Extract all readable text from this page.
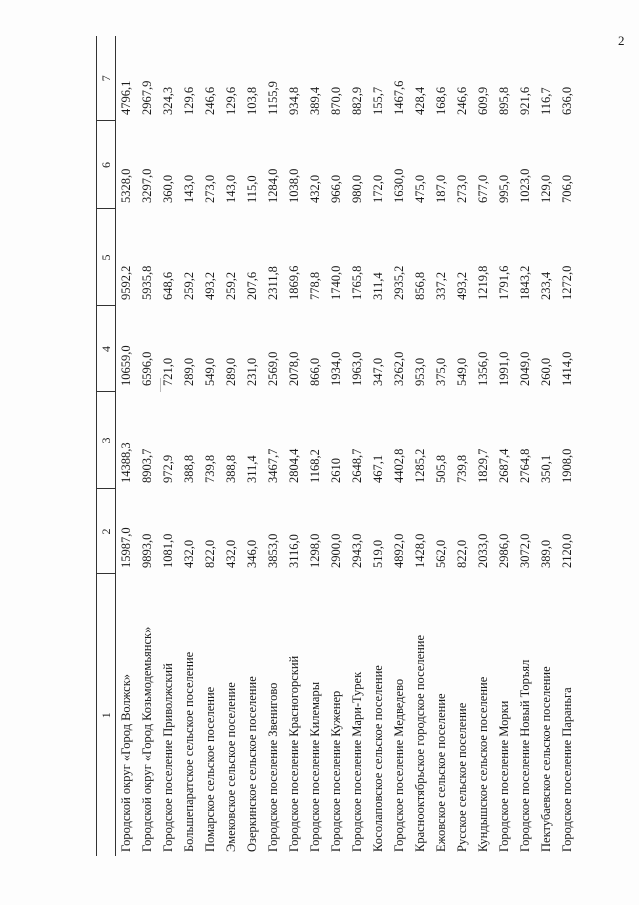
2
1	2	3	4	5	6	7
Городской округ «Город Волжск»	15987,0	14388,3	10659,0	9592,2	5328,0	4796,1
Городской округ «Город Козьмодемьянск»	9893,0	8903,7	6596,0	5935,8	3297,0	2967,9
Городское поселение Приволжский	1081,0	972,9	721,0	648,6	360,0	324,3
Большепаратское сельское поселение	432,0	388,8	289,0	259,2	143,0	129,6
Помарское сельское поселение	822,0	739,8	549,0	493,2	273,0	246,6
Эмековское сельское поселение	432,0	388,8	289,0	259,2	143,0	129,6
Озеркинское сельское поселение	346,0	311,4	231,0	207,6	115,0	103,8
Городское поселение Звенигово	3853,0	3467,7	2569,0	2311,8	1284,0	1155,9
Городское поселение Красногорский	3116,0	2804,4	2078,0	1869,6	1038,0	934,8
Городское поселение Килемары	1298,0	1168,2	866,0	778,8	432,0	389,4
Городское поселение Куженер	2900,0	2610	1934,0	1740,0	966,0	870,0
Городское поселение Мари-Турек	2943,0	2648,7	1963,0	1765,8	980,0	882,9
Косолаповское сельское поселение	519,0	467,1	347,0	311,4	172,0	155,7
Городское поселение Медведево	4892,0	4402,8	3262,0	2935,2	1630,0	1467,6
Краснооктябрьское городское поселение	1428,0	1285,2	953,0	856,8	475,0	428,4
Ежовское сельское поселение	562,0	505,8	375,0	337,2	187,0	168,6
Русское сельское поселение	822,0	739,8	549,0	493,2	273,0	246,6
Кундышское сельское поселение	2033,0	1829,7	1356,0	1219,8	677,0	609,9
Городское поселение Морки	2986,0	2687,4	1991,0	1791,6	995,0	895,8
Городское поселение Новый Торъял	3072,0	2764,8	2049,0	1843,2	1023,0	921,6
Пектубаевское сельское поселение	389,0	350,1	260,0	233,4	129,0	116,7
Городское поселение Параньга	2120,0	1908,0	1414,0	1272,0	706,0	636,0
